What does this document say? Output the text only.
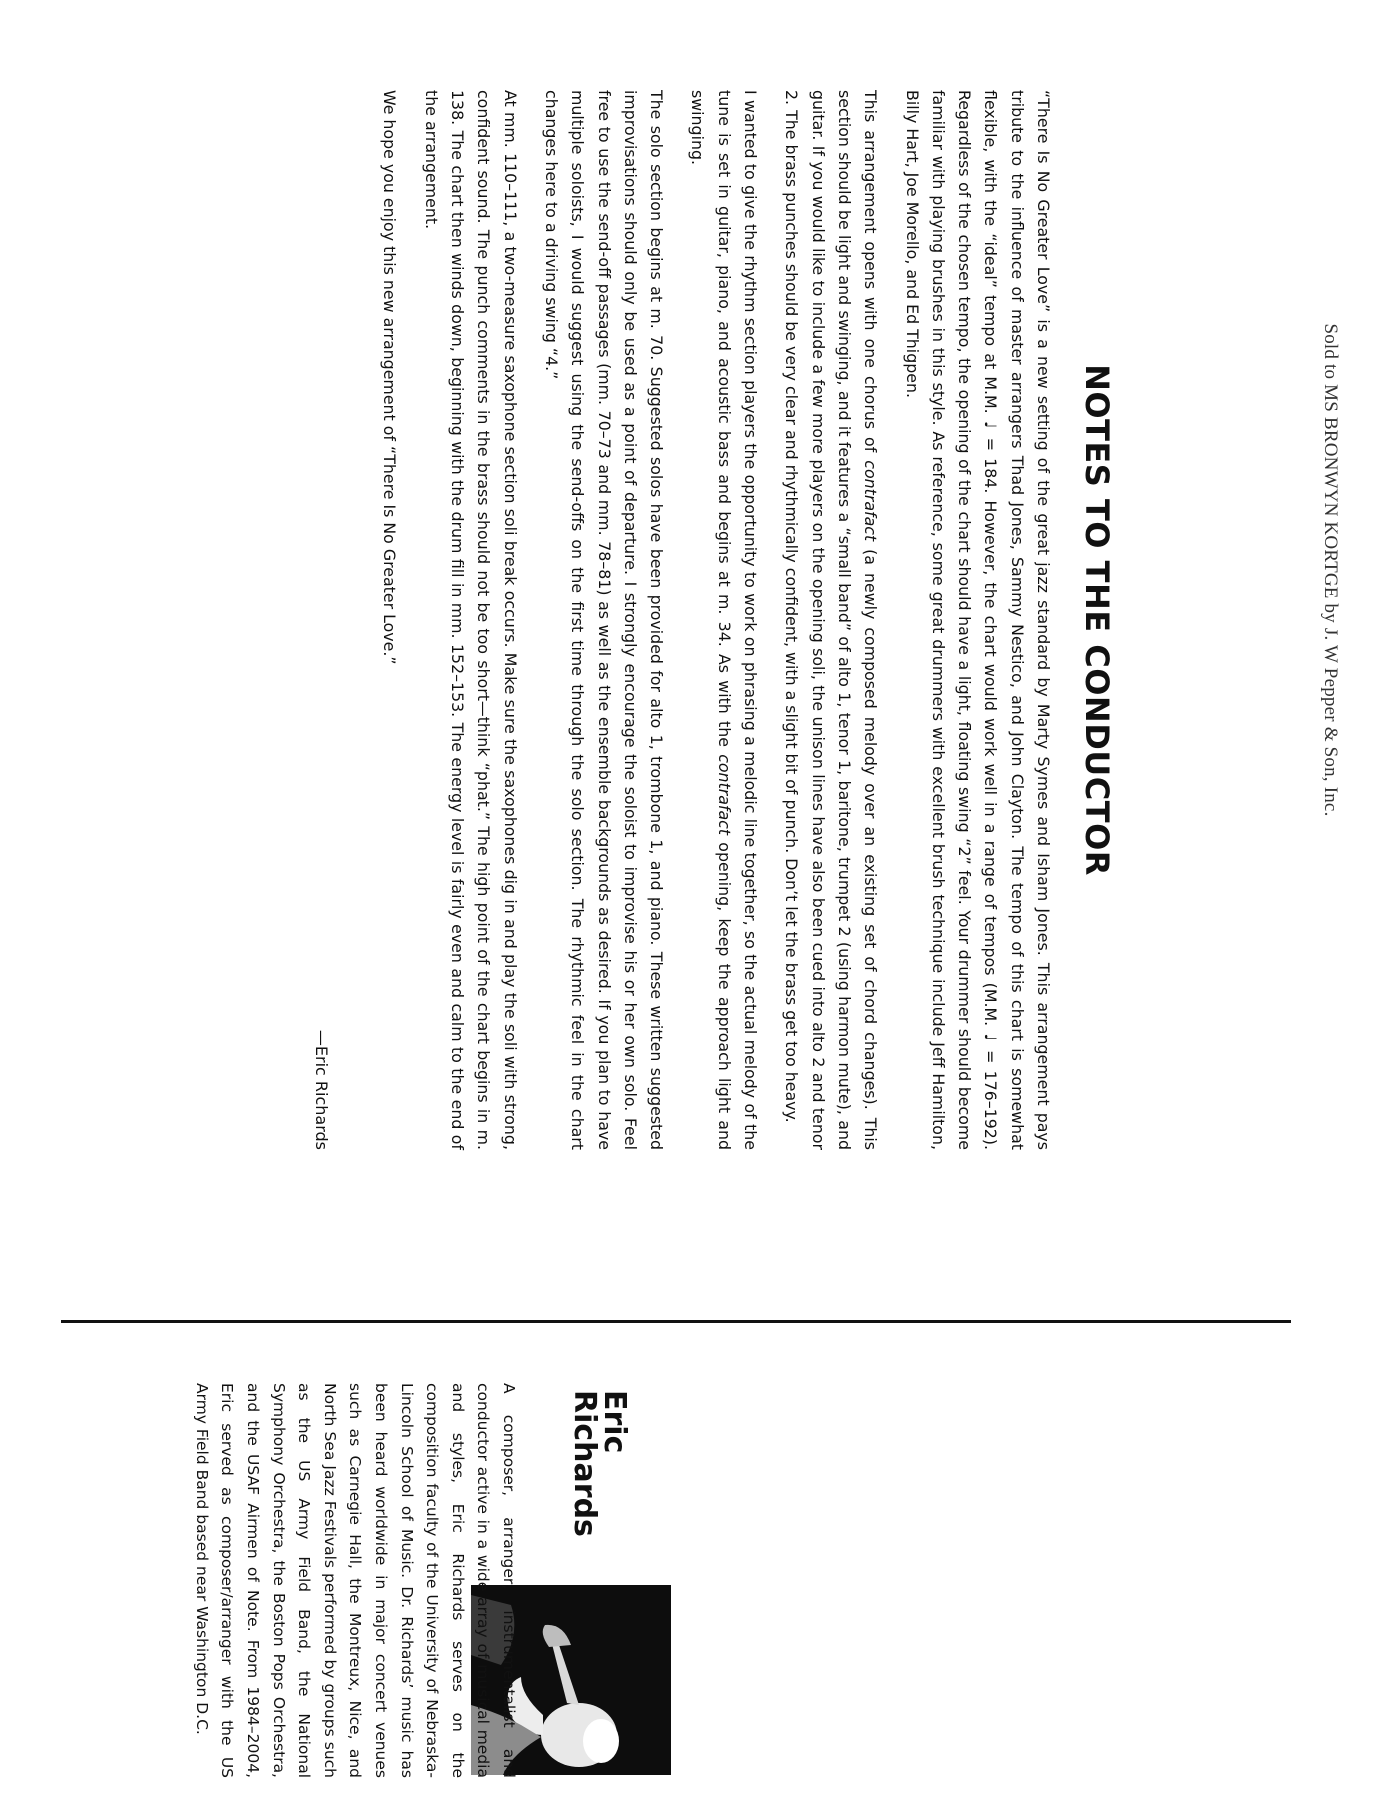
Sold to MS BRONWYN KORTGE by J. W Pepper & Son, Inc.
NOTES TO THE CONDUCTOR

“There Is No Greater Love” is a new setting of the great jazz standard by Marty Symes and Isham Jones. This arrangement pays tribute to the influence of master arrangers Thad Jones, Sammy Nestico, and John Clayton. The tempo of this chart is somewhat flexible, with the “ideal” tempo at M.M. ♩ = 184. However, the chart would work well in a range of tempos (M.M. ♩ = 176–192). Regardless of the chosen tempo, the opening of the chart should have a light, floating swing “2” feel. Your drummer should become familiar with playing brushes in this style. As reference, some great drummers with excellent brush technique include Jeff Hamilton, Billy Hart, Joe Morello, and Ed Thigpen.

This arrangement opens with one chorus of contrafact (a newly composed melody over an existing set of chord changes). This section should be light and swinging, and it features a “small band” of alto 1, tenor 1, baritone, trumpet 2 (using harmon mute), and guitar. If you would like to include a few more players on the opening soli, the unison lines have also been cued into alto 2 and tenor 2. The brass punches should be very clear and rhythmically confident, with a slight bit of punch. Don’t let the brass get too heavy.

I wanted to give the rhythm section players the opportunity to work on phrasing a melodic line together, so the actual melody of the tune is set in guitar, piano, and acoustic bass and begins at m. 34. As with the contrafact opening, keep the approach light and swinging.

The solo section begins at m. 70. Suggested solos have been provided for alto 1, trombone 1, and piano. These written suggested improvisations should only be used as a point of departure. I strongly encourage the soloist to improvise his or her own solo. Feel free to use the send-off passages (mm. 70–73 and mm. 78–81) as well as the ensemble backgrounds as desired. If you plan to have multiple soloists, I would suggest using the send-offs on the first time through the solo section. The rhythmic feel in the chart changes here to a driving swing “4.”

At mm. 110–111, a two-measure saxophone section soli break occurs. Make sure the saxophones dig in and play the soli with strong, confident sound. The punch comments in the brass should not be too short—think “phat.” The high point of the chart begins in m. 138. The chart then winds down, beginning with the drum fill in mm. 152–153. The energy level is fairly even and calm to the end of the arrangement.

We hope you enjoy this new arrangement of “There Is No Greater Love.”

—Eric Richards
Eric
Richards
A composer, arranger, instrumentalist and conductor active in a wide array of musical media and styles, Eric Richards serves on the composition faculty of the University of Nebraska-Lincoln School of Music. Dr. Richards’ music has been heard worldwide in major concert venues such as Carnegie Hall, the Montreux, Nice, and North Sea Jazz Festivals performed by groups such as the US Army Field Band, the National Symphony Orchestra, the Boston Pops Orchestra, and the USAF Airmen of Note. From 1984–2004, Eric served as composer/arranger with the US Army Field Band based near Washington D.C.
